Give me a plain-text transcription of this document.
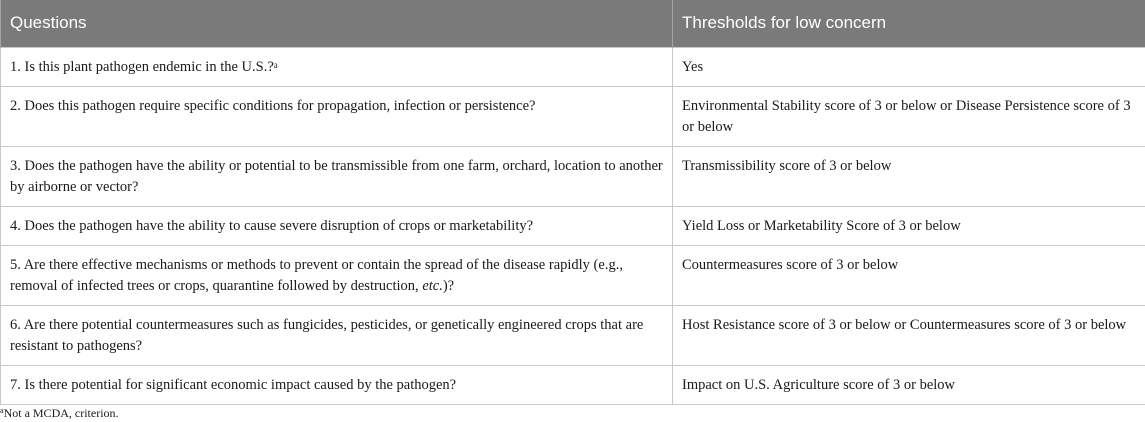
Questions	Thresholds for low concern
1. Is this plant pathogen endemic in the U.S.?$^a$	Yes
2. Does this pathogen require specific conditions for propagation, infection or persistence?	Environmental Stability score of 3 or below or Disease Persistence score of 3 or below
3. Does the pathogen have the ability or potential to be transmissible from one farm, orchard, location to another by airborne or vector?	Transmissibility score of 3 or below
4. Does the pathogen have the ability to cause severe disruption of crops or marketability?	Yield Loss or Marketability Score of 3 or below
5. Are there effective mechanisms or methods to prevent or contain the spread of the disease rapidly (e.g., removal of infected trees or crops, quarantine followed by destruction, etc.)?	Countermeasures score of 3 or below
6. Are there potential countermeasures such as fungicides, pesticides, or genetically engineered crops that are resistant to pathogens?	Host Resistance score of 3 or below or Countermeasures score of 3 or below
7. Is there potential for significant economic impact caused by the pathogen?	Impact on U.S. Agriculture score of 3 or below
$^a$Not a MCDA, criterion.
